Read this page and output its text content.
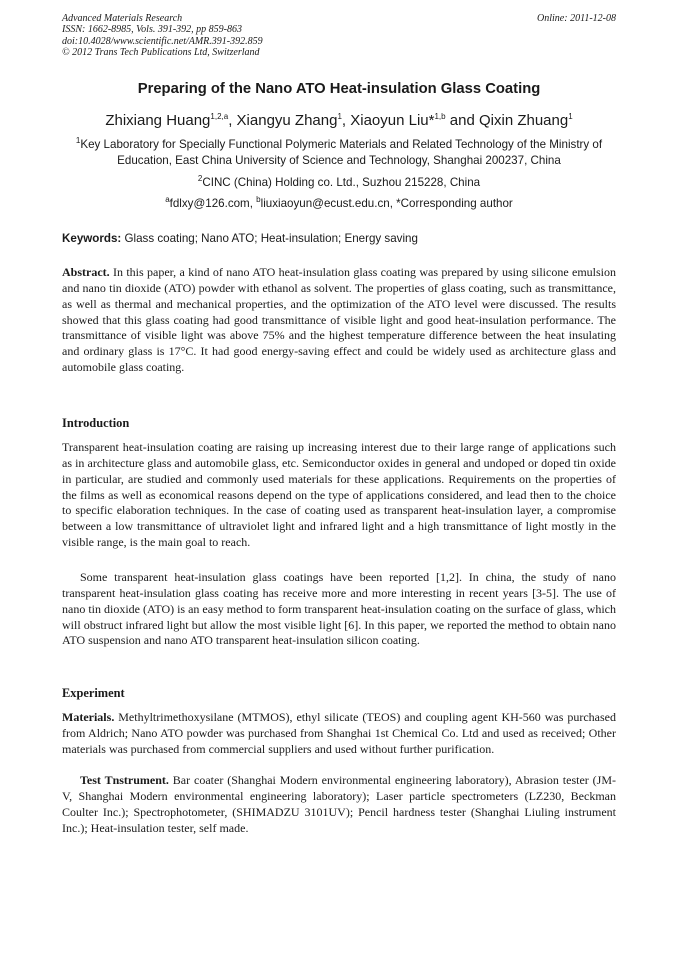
Advanced Materials Research	Online: 2011-12-08
ISSN: 1662-8985, Vols. 391-392, pp 859-863
doi:10.4028/www.scientific.net/AMR.391-392.859
© 2012 Trans Tech Publications Ltd, Switzerland
Preparing of the Nano ATO Heat-insulation Glass Coating
Zhixiang Huang$^{1,2,a}$, Xiangyu Zhang$^1$, Xiaoyun Liu*$^{1,b}$ and Qixin Zhuang$^1$
$^1$Key Laboratory for Specially Functional Polymeric Materials and Related Technology of the Ministry of Education, East China University of Science and Technology, Shanghai 200237, China
$^2$CINC (China) Holding co. Ltd., Suzhou 215228, China
$^a$fdlxy@126.com, $^b$liuxiaoyun@ecust.edu.cn, *Corresponding author
Keywords: Glass coating; Nano ATO; Heat-insulation; Energy saving
Abstract. In this paper, a kind of nano ATO heat-insulation glass coating was prepared by using silicone emulsion and nano tin dioxide (ATO) powder with ethanol as solvent. The properties of glass coating, such as transmittance, as well as thermal and mechanical properties, and the optimization of the ATO level were discussed. The results showed that this glass coating had good transmittance of visible light and good heat-insulation performance. The transmittance of visible light was above 75% and the highest temperature difference between the heat insulating and ordinary glass is 17°C. It had good energy-saving effect and could be widely used as architecture glass and automobile glass coating.
Introduction
Transparent heat-insulation coating are raising up increasing interest due to their large range of applications such as in architecture glass and automobile glass, etc. Semiconductor oxides in general and undoped or doped tin oxide in particular, are studied and commonly used materials for these applications. Requirements on the properties of the films as well as economical reasons depend on the type of applications considered, and lead then to the choice to specific elaboration techniques. In the case of coating used as transparent heat-insulation layer, a compromise between a low transmittance of ultraviolet light and infrared light and a high transmittance of light mostly in the visible range, is the main goal to reach.
Some transparent heat-insulation glass coatings have been reported [1,2]. In china, the study of nano transparent heat-insulation glass coating has receive more and more interesting in recent years [3-5]. The use of nano tin dioxide (ATO) is an easy method to form transparent heat-insulation coating on the surface of glass, which will obstruct infrared light but allow the most visible light [6]. In this paper, we reported the method to obtain nano ATO suspension and nano ATO transparent heat-insulation silicon coating.
Experiment
Materials. Methyltrimethoxysilane (MTMOS), ethyl silicate (TEOS) and coupling agent KH-560 was purchased from Aldrich; Nano ATO powder was purchased from Shanghai 1st Chemical Co. Ltd and used as received; Other materials was purchased from commercial suppliers and used without further purification.
Test Tnstrument. Bar coater (Shanghai Modern environmental engineering laboratory), Abrasion tester (JM-V, Shanghai Modern environmental engineering laboratory); Laser particle spectrometers (LZ230, Beckman Coulter Inc.); Spectrophotometer, (SHIMADZU 3101UV); Pencil hardness tester (Shanghai Liuling instrument Inc.); Heat-insulation tester, self made.
